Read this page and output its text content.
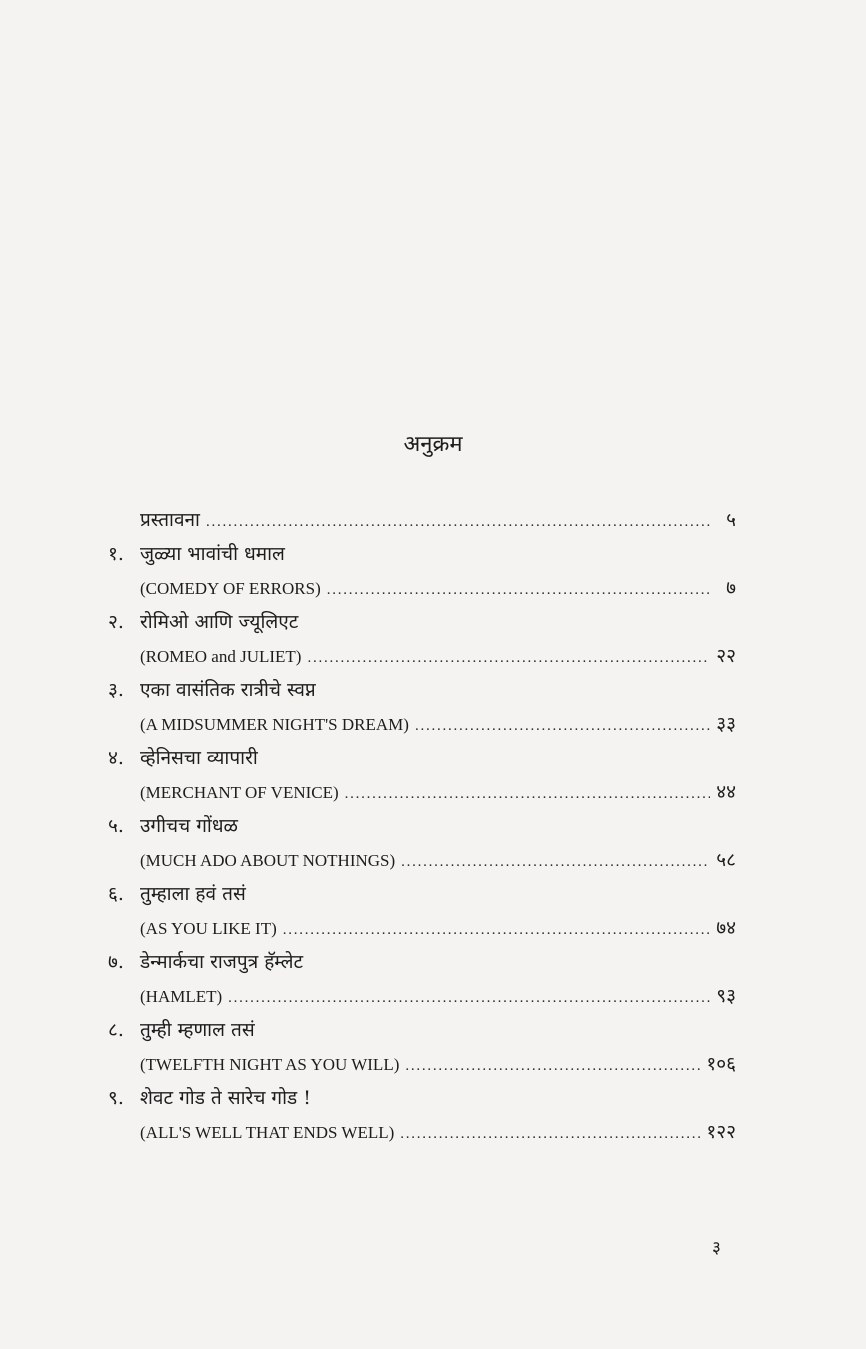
अनुक्रम
प्रस्तावना . . .	५
१. जुळ्या भावांची धमाल
(COMEDY OF ERRORS) . . .	७
२. रोमिओ आणि ज्यूलिएट
(ROMEO and JULIET) . . .	२२
३. एका वासंतिक रात्रीचे स्वप्न
(A MIDSUMMER NIGHT'S DREAM) . . .	३३
४. व्हेनिसचा व्यापारी
(MERCHANT OF VENICE) . . .	४४
५. उगीचच गोंधळ
(MUCH ADO ABOUT NOTHINGS) . . .	५८
६. तुम्हाला हवं तसं
(AS YOU LIKE IT) . . .	७४
७. डेन्मार्कचा राजपुत्र हॅम्लेट
(HAMLET) . . .	९३
८. तुम्ही म्हणाल तसं
(TWELFTH NIGHT AS YOU WILL) . . .	१०६
९. शेवट गोड ते सारेच गोड !
(ALL'S WELL THAT ENDS WELL) . . .	१२२
३
